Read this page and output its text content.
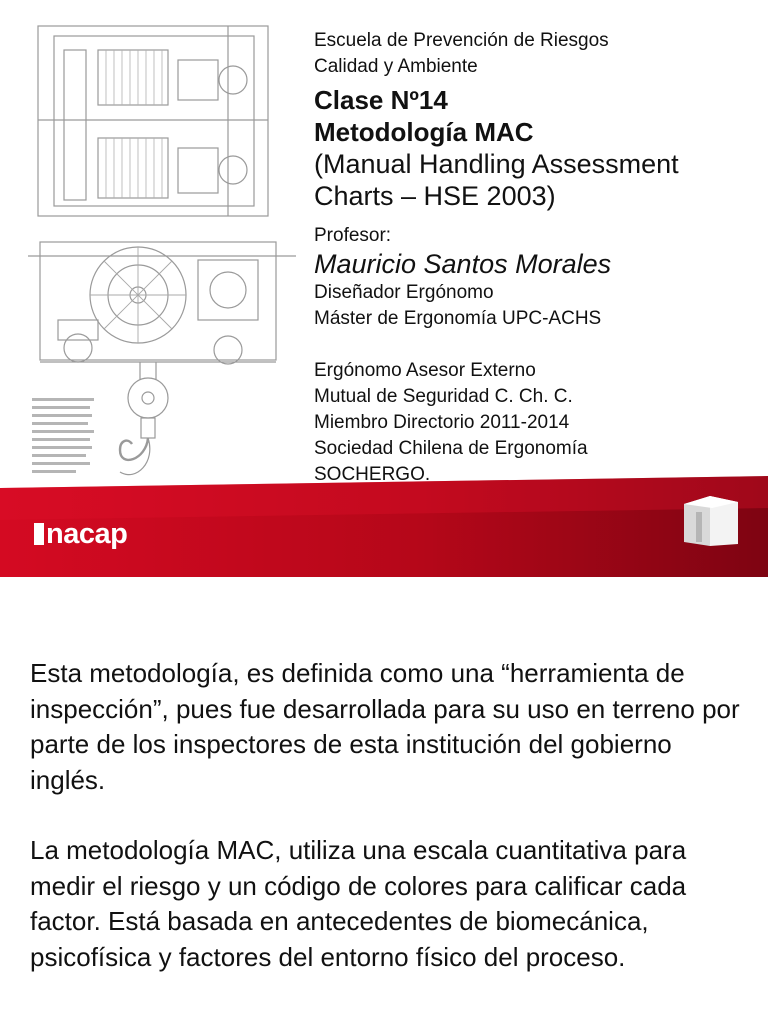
nacap

Escuela de Prevención de Riesgos

Calidad y Ambiente

Clase Nº14

Metodología MAC

(Manual Handling Assessment

Charts – HSE 2003)

Profesor:

Mauricio Santos Morales

Diseñador Ergónomo

Máster de Ergonomía UPC-ACHS

Ergónomo Asesor Externo

Mutual de Seguridad C. Ch. C.

Miembro Directorio 2011-2014

Sociedad Chilena de Ergonomía

SOCHERGO.

Esta metodología, es definida como una “herramienta de inspección”, pues fue desarrollada para su uso en terreno por parte de los inspectores de esta institución del gobierno inglés.

La metodología MAC, utiliza una escala cuantitativa para medir el riesgo y un código de colores para calificar cada factor. Está basada en antecedentes de biomecánica, psicofísica y factores del entorno físico del proceso.
